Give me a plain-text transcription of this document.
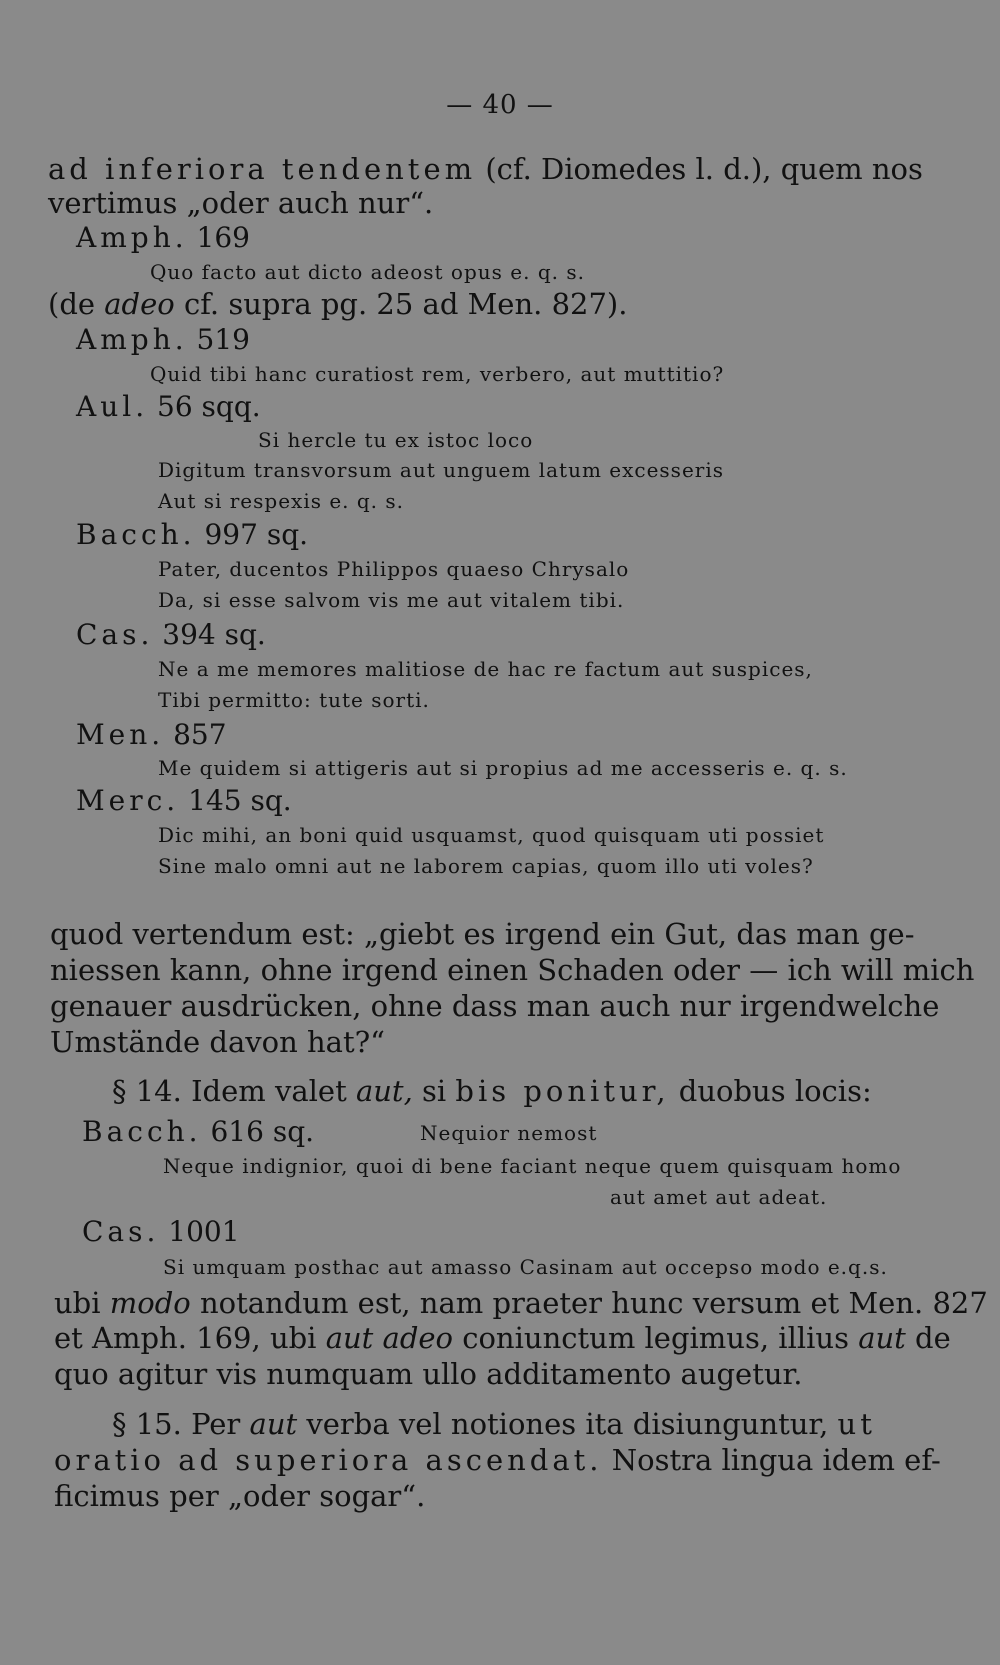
— 40 —
ad inferiora tendentem (cf. Diomedes l. d.), quem nos
vertimus „oder auch nur“.
Amph. 169
Quo facto aut dicto adeost opus e. q. s.
(de adeo cf. supra pg. 25 ad Men. 827).
Amph. 519
Quid tibi hanc curatiost rem, verbero, aut muttitio?
Aul. 56 sqq.
Si hercle tu ex istoc loco
Digitum transvorsum aut unguem latum excesseris
Aut si respexis e. q. s.
Bacch. 997 sq.
Pater, ducentos Philippos quaeso Chrysalo
Da, si esse salvom vis me aut vitalem tibi.
Cas. 394 sq.
Ne a me memores malitiose de hac re factum aut suspices,
Tibi permitto: tute sorti.
Men. 857
Me quidem si attigeris aut si propius ad me accesseris e. q. s.
Merc. 145 sq.
Dic mihi, an boni quid usquamst, quod quisquam uti possiet
Sine malo omni aut ne laborem capias, quom illo uti voles?
quod vertendum est: „giebt es irgend ein Gut, das man ge-
niessen kann, ohne irgend einen Schaden oder — ich will mich
genauer ausdrücken, ohne dass man auch nur irgendwelche
Umstände davon hat?“
§ 14. Idem valet aut, si bis ponitur, duobus locis:
Bacch. 616 sq.	Nequior nemost
Neque indignior, quoi di bene faciant neque quem quisquam homo
aut amet aut adeat.
Cas. 1001
Si umquam posthac aut amasso Casinam aut occepso modo e.q.s.
ubi modo notandum est, nam praeter hunc versum et Men. 827
et Amph. 169, ubi aut adeo coniunctum legimus, illius aut de
quo agitur vis numquam ullo additamento augetur.
§ 15. Per aut verba vel notiones ita disiunguntur, ut
oratio ad superiora ascendat. Nostra lingua idem ef-
ficimus per „oder sogar“.
